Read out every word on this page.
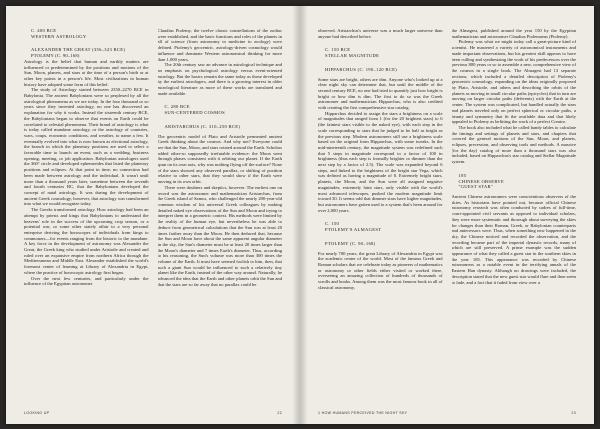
C. 400 BCE

WESTERN ASTROLOGY

ALEXANDER THE GREAT (356–323 BCE)

PTOLEMY (C. 90–168)

Astrology is the belief that human and earthly matters are influenced or predetermined by the positions and motions of the Sun, Moon, planets, and stars at the time of a person's birth or at other key points in a person's life. Most civilizations in human history have adopted some form of this belief.

The study of Astrology started between 2350–2270 BCE in Babylonia. The ancient Babylonians were so perplexed by all the astrological phenomena as we are today. In the four thousand or so years since they invented astrology, no one has discovered an explanation for why it works. Instead the sixteenth century BCE, the Babylonians began to observe that events on Earth could be correlated to celestial phenomena. Their brand of astrology is what is today called mundane astrology, or the astrology of countries, wars, coups, economic conditions, and weather, to name a few. It eventually evolved into what is now known as electional astrology, the branch in which the planetary positions are used to select a favorable time to launch an event, such as a wedding, business opening, meeting, or job application. Babylonian astrologers used the 360° circle and developed ephemerides that listed the planetary positions and eclipses. At that point in time, no connection had been made between astrology and the individual. It wasn't until more than a thousand years later, sometime between the seventh and fourth centuries BC, that the Babylonians developed the concept of natal astrology. It was during the development of ancient Greek cosmology, however, that astrology was transformed into what we would recognize today.

The Greeks transformed astrology. How astrology had been an attempt by priests and kings that Babylonians to understand the heavens' role in the success of the upcoming crop season, or a potential war, or some other stately affair to a very personal enterprise deriving the horoscopes of individuals from kings to commoners—for events ranging from the historic to the mundane. A key force in the development of astronomy was Alexander the Great, the Greek king who studied under Aristotle and created and ruled over an expansive empire from northern Africa through the Mediterranean and Middle East. Alexander established the world's foremost center of learning at Library of Alexandria in Egypt, where the practice of horoscopic astrology first began.

Over the next few centuries, and particularly under the influence of the Egyptian astronomer

Claudius Ptolemy, the twelve classic constellations of the zodiac were established, and the basic functions and roles of the planets in all of science (from astronomy to medicine to zoology) were defined. Ptolemy's geocentric, astrology-driven cosmology would influence and dominate Western astronomical thinking for more than 1,000 years.

The 20th century saw an advance in astrological technique and an emphasis on psychological astrology versus event-oriented astrology. But the basics remain the same today as those developed by the earliest astrologers, and there is a growing interest in older astrological literature as more of these works are translated and made available.

C. 280 BCE

SUN-CENTERED COSMOS

ARISTARCHUS (C. 310–250 BCE)

The geocentric model of Plato and Aristotle permeated ancient Greek thinking about the cosmos. And why not? Everyone could see that the Sun, Moon, and stars rotated around the Earth. Scholars added other-so supposedly irrefutable evidence: the Moon went through phases consistent with it orbiting our planet. If the Earth spun on its own axis, why was nothing flying off the surface? None of the stars showed any observed parallax, or shifting of position relative to other stars, that they would show if the Earth were moving in its own orbit.

There were doubters and skeptics, however. The earliest one on record was the astronomer and mathematician Aristarchus, from the Greek island of Samos, who challenged the nearly 200-year-old common wisdom of his universal Greek colleagues by making detailed naked eye observations of the Sun and Moon and trying to interpret them in a geometric context. His methods were limited by the reality of the human eye, but nevertheless he was able to deduce from geometrical calculations that the Sun was at least 20 times farther away than the Moon. He then deduced that, because the Sun and Moon have about the same apparent angular diameter in the sky, the Sun's diameter must be at least 20 times larger than the Moon's diameter and 7 times Earth's diameter. Thus, according to his reasoning, the Sun's volume was more than 300 times the volume of the Earth. It must have seemed foolish to him, then, that such a giant Sun would be influenced to such a relatively tiny planet like the Earth, instead of the other way around. Naturally, he advanced the idea that the Earth and other planets orbit the Sun and that the stars are so far away that no parallax could be

LOOKING UP	22

observed. Aristarchus's universe was a much larger universe than anyone had described before.

C. 150 BCE

STELLAR MAGNITUDE

HIPPARCHUS (C. 190–120 BCE)

Some stars are bright, others are dim. Anyone who's looked up at a clear night sky can determine that, but until the middle of the second century BCE, no one had tried to quantify just how bright is bright or how dim is dim. The first to do so was the Greek astronomer and mathematician Hipparchus, who is also credited with creating the first comprehensive star catalog.

Hipparchus decided to assign the stars a brightness on a scale of magnitudes that ranged from 1 (for the 20 brightest stars) to 6 (the faintest stars visible to the naked eye), with each step in the scale corresponding to stars that he judged to be half as bright as the previous step. Modern astronomers still use a brightness scale based on the original from Hipparchus, with some tweaks. In the mid-nineteenth century, the magnitude system was redefined such that 5 steps in magnitude correspond to a factor of 100 in brightness (thus each step is formally brighter or dimmer than the next step by a factor of 2.5). The scale was expanded beyond 6 steps, and linked to the brightness of the bright star Vega, which was defined as having a magnitude of 0. Extremely bright stars, planets, the Moon, and the Sun were all assigned negative magnitudes; extremely faint stars, only visible with the world's most advanced telescopes, pushed the modern magnitude limit toward 30. It seems odd that dimmer stars have higher magnitudes, but astronomers have gotten used to a system that's been around for over 2,000 years.

C. 150

PTOLEMY'S ALMAGEST

PTOLEMY (C. 90–168)

For nearly 700 years, the great Library of Alexandria in Egypt was the academic center of the world. Most of the famous Greek and Roman scholars that we celebrate today as pioneers of mathematics or astronomy or other fields either visited or worked there, overseeing an amazing collection of hundreds of thousands of scrolls and books. Among them was the most famous book in all of classical astronomy,

the Almagest, published around the year 150 by the Egyptian mathematician and astronomer Claudius Ptolemaeus (Ptolemy).

Ptolemy was what we might today call a great-picture kind of scientist. He mastered a variety of astronomical instruments and made important observations, but his greatest skill appears to have been culling and synthesizing the work of his predecessors over the previous 800 years or so to assemble a new, comprehensive view of the cosmos in a single book. The Almagest had 13 separate sections, which included a detailed description of Ptolemy's geocentric cosmology, expanding on the ideas originally proposed by Plato, Aristotle, and others and describing the orbits of the planets as moving in small circular paths (epicycles) that in turn are moving on larger circular paths (deferents) with the Earth at the center. The system was complicated, but handled actually the stars and planets traveled only on perfect spherical or circular paths, a beauty and symmetry that fit the available data and that likely appealed to Ptolemy as befitting the work of a perfect Creator.

The book also included what he called handy tables to calculate the timings and settings of planets and stars, and chapters that covered the general motions of the Sun, Moon, and planets, eclipses, precession, and observing tools and methods. A massive (for the day) catalog of more than a thousand stars was also included, based on Hipparchus's star catalog and Stellar Magnitude system.

185

CHINESE OBSERVE

"GUEST STAR"

Ancient Chinese astronomers were conscientious observers of the skies. As historians have pointed out, because official Chinese astronomy research was often conducted by cadres of full-time, court-appointed civil servants as opposed to individual scholars, they were more systematic and thorough about surveying the skies for changes than their Roman, Greek, or Babylonian counterparts and antecessors were. Thus, when something new happened in the sky, the Chinese noticed and recorded the observation, and the recording became part of the imperial dynastic records, many of which are still preserved. A prime example was the sudden appearance of what they called a guest star in the southern skies in the year 185. This appearance was recorded by Chinese astronomers as a notable event in the terrifying annals of the Eastern Han dynasty. Although no drawings were included, the description stated that the new guest star would flare and then seem to fade, and a fact that it faded from view over a

1 HOW HUMANS PERCEIVED THE NIGHT SKY	23
